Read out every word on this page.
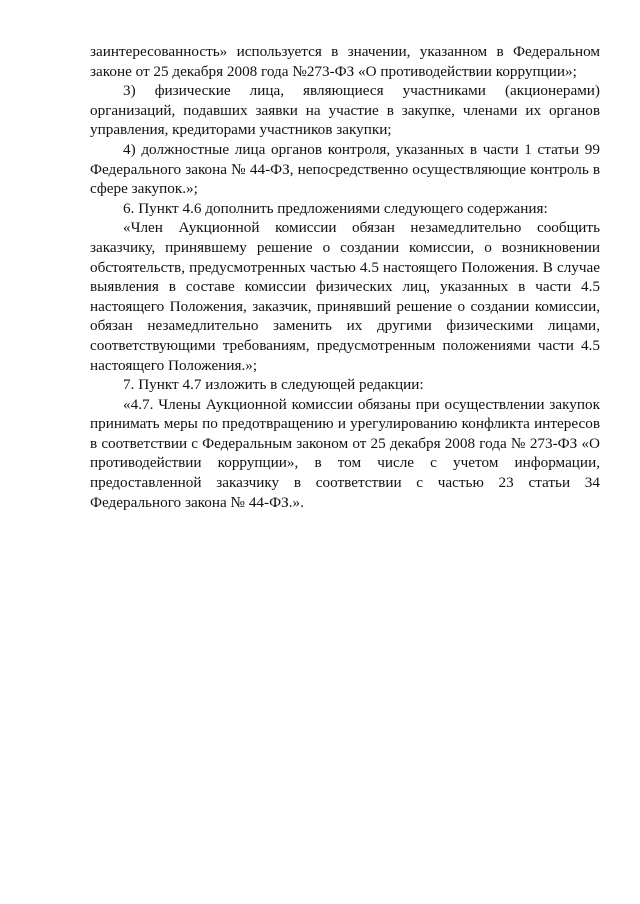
заинтересованность» используется в значении, указанном в Федеральном законе от 25 декабря 2008 года №273-ФЗ «О противодействии коррупции»;

3) физические лица, являющиеся участниками (акционерами) организаций, подавших заявки на участие в закупке, членами их органов управления, кредиторами участников закупки;

4) должностные лица органов контроля, указанных в части 1 статьи 99 Федерального закона № 44-ФЗ, непосредственно осуществляющие контроль в сфере закупок.»;

6. Пункт 4.6 дополнить предложениями следующего содержания:

«Член Аукционной комиссии обязан незамедлительно сообщить заказчику, принявшему решение о создании комиссии, о возникновении обстоятельств, предусмотренных частью 4.5 настоящего Положения. В случае выявления в составе комиссии физических лиц, указанных в части 4.5 настоящего Положения, заказчик, принявший решение о создании комиссии, обязан незамедлительно заменить их другими физическими лицами, соответствующими требованиям, предусмотренным положениями части 4.5 настоящего Положения.»;

7. Пункт 4.7 изложить в следующей редакции:

«4.7. Члены Аукционной комиссии обязаны при осуществлении закупок принимать меры по предотвращению и урегулированию конфликта интересов в соответствии с Федеральным законом от 25 декабря 2008 года № 273-ФЗ «О противодействии коррупции», в том числе с учетом информации, предоставленной заказчику в соответствии с частью 23 статьи 34 Федерального закона № 44-ФЗ.».
